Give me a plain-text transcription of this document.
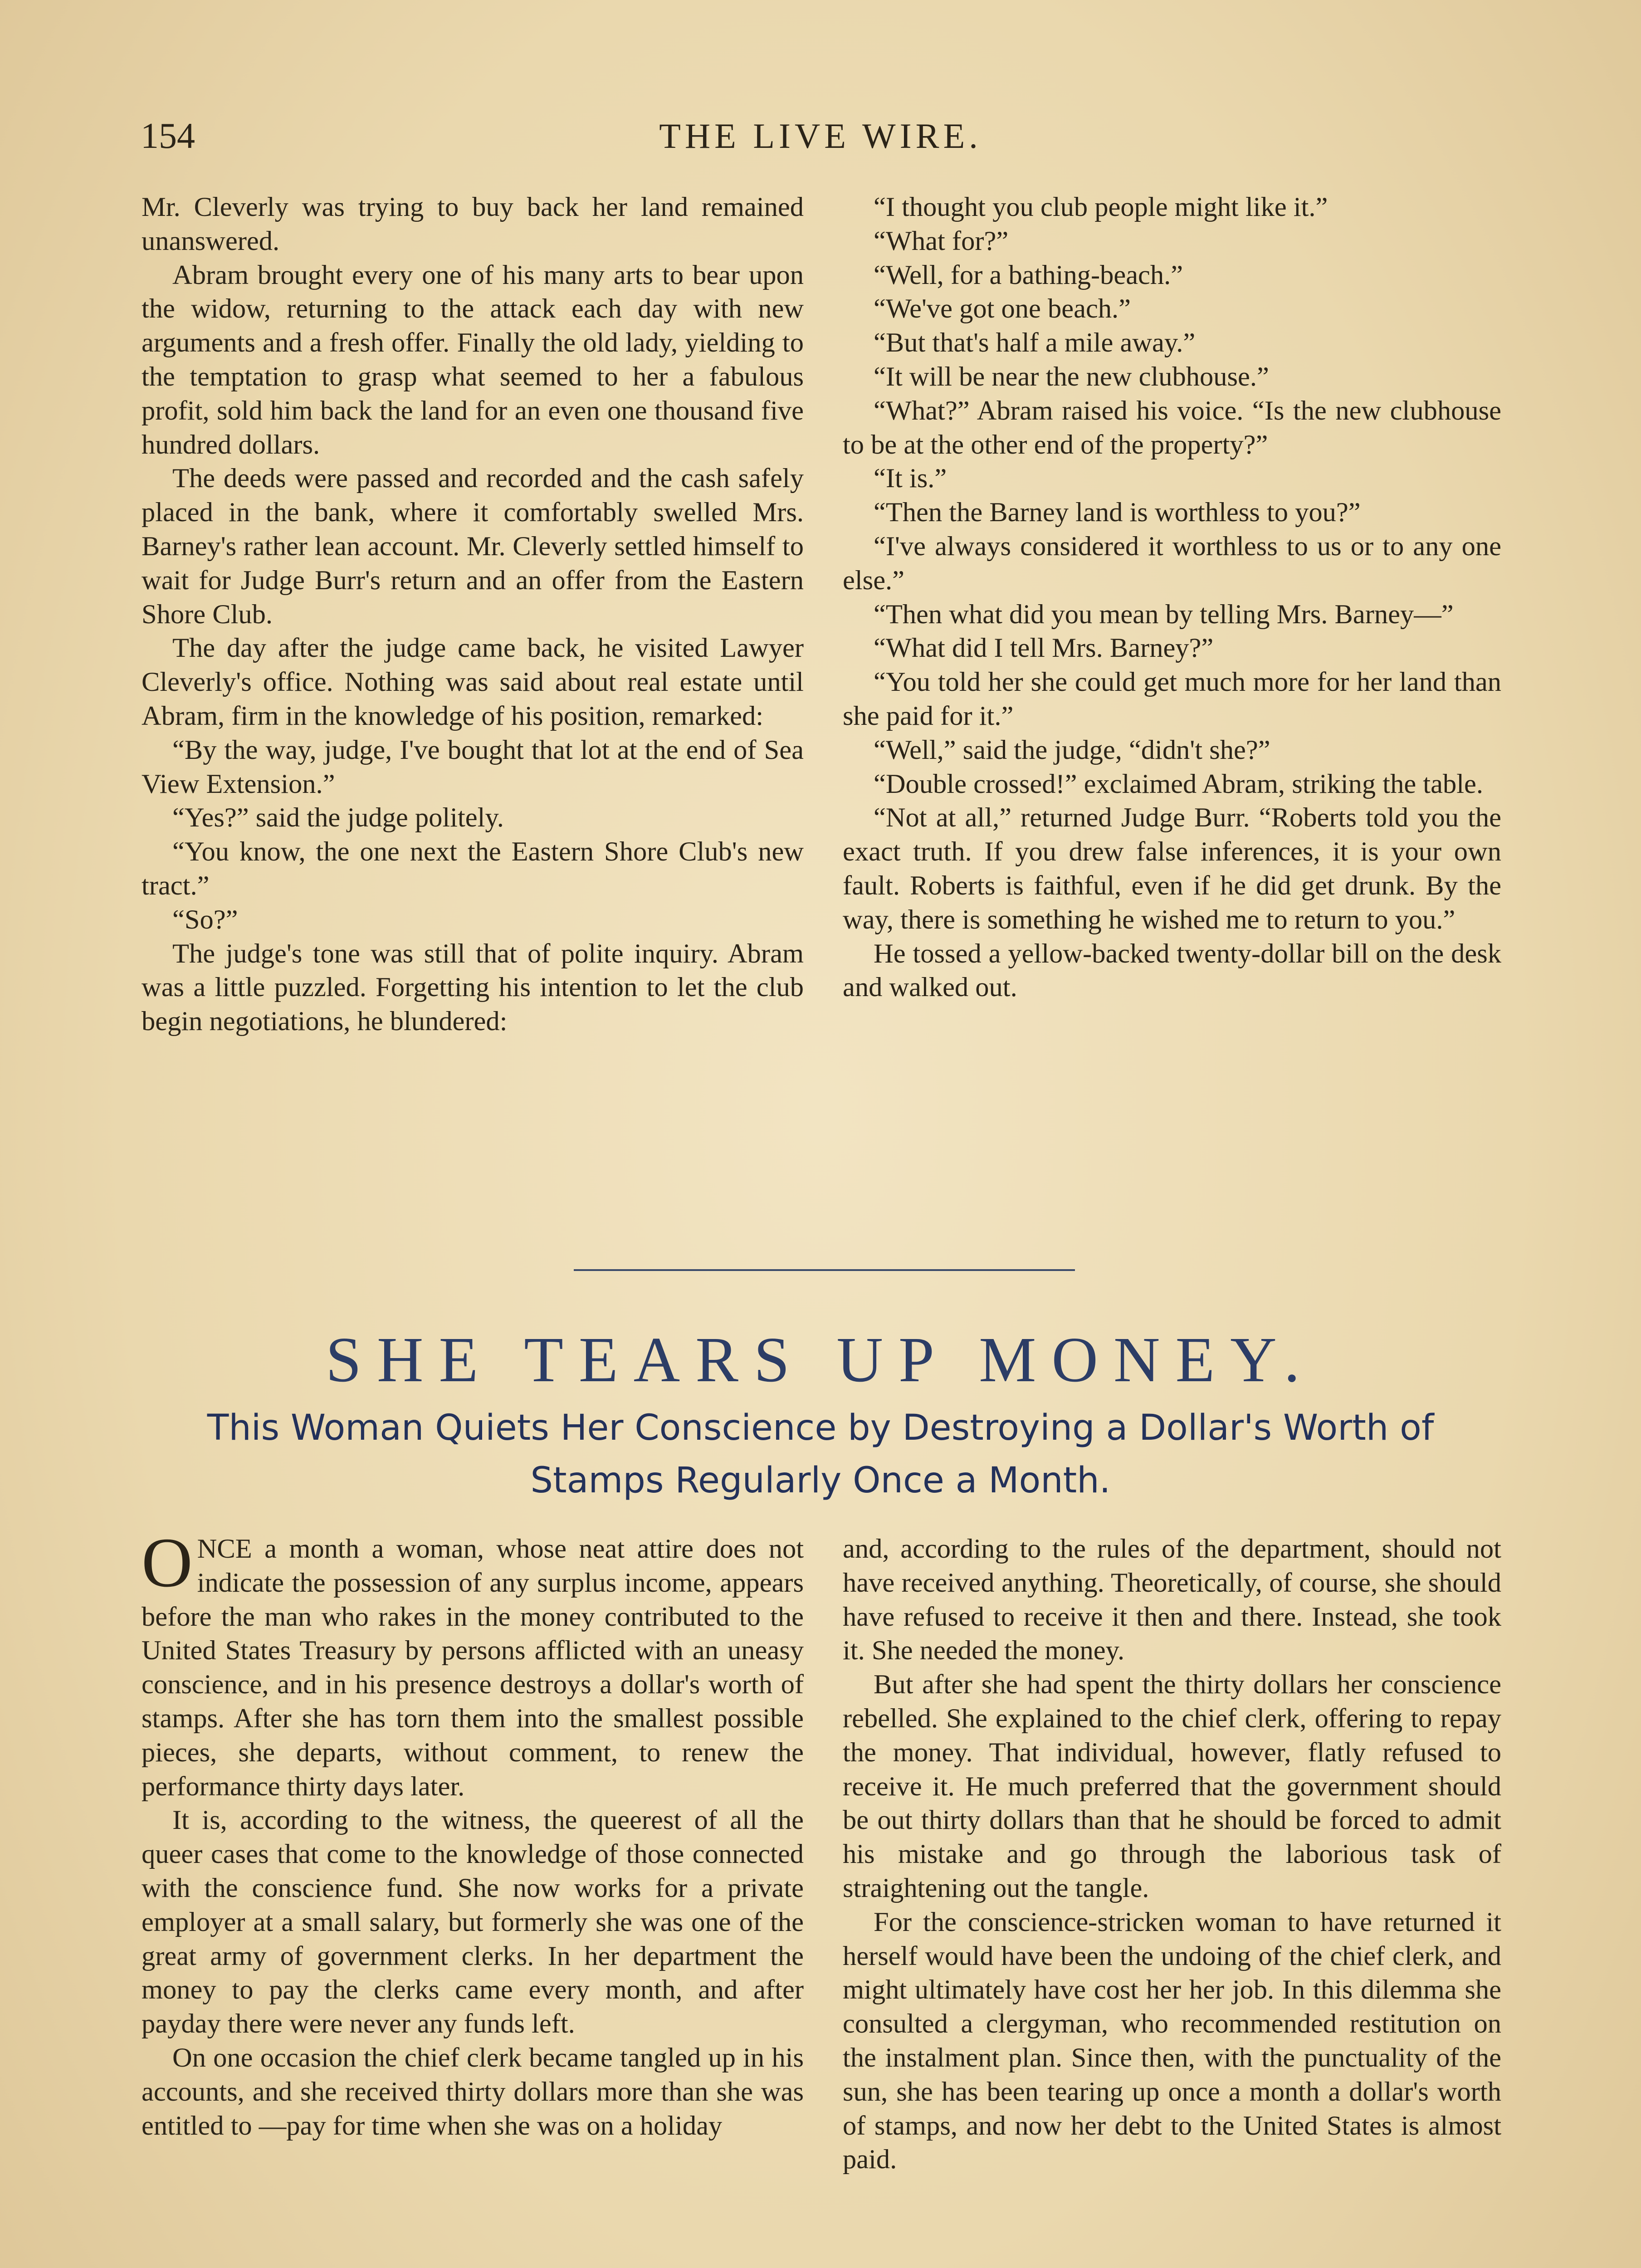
THE LIVE WIRE.
154

Mr. Cleverly was trying to buy back her land remained unanswered.

Abram brought every one of his many arts to bear upon the widow, returning to the attack each day with new arguments and a fresh offer. Finally the old lady, yielding to the temptation to grasp what seemed to her a fabulous profit, sold him back the land for an even one thousand five hundred dollars.

The deeds were passed and recorded and the cash safely placed in the bank, where it comfortably swelled Mrs. Barney's rather lean account. Mr. Cleverly settled himself to wait for Judge Burr's return and an offer from the Eastern Shore Club.

The day after the judge came back, he visited Lawyer Cleverly's office. Nothing was said about real estate until Abram, firm in the knowledge of his position, remarked:

“By the way, judge, I've bought that lot at the end of Sea View Extension.”

“Yes?” said the judge politely.

“You know, the one next the Eastern Shore Club's new tract.”

“So?”

The judge's tone was still that of polite inquiry. Abram was a little puzzled. Forgetting his intention to let the club begin negotiations, he blundered:

“I thought you club people might like it.”

“What for?”

“Well, for a bathing-beach.”

“We've got one beach.”

“But that's half a mile away.”

“It will be near the new clubhouse.”

“What?” Abram raised his voice. “Is the new clubhouse to be at the other end of the property?”

“It is.”

“Then the Barney land is worthless to you?”

“I've always considered it worthless to us or to any one else.”

“Then what did you mean by telling Mrs. Barney—”

“What did I tell Mrs. Barney?”

“You told her she could get much more for her land than she paid for it.”

“Well,” said the judge, “didn't she?”

“Double crossed!” exclaimed Abram, striking the table.

“Not at all,” returned Judge Burr. “Roberts told you the exact truth. If you drew false inferences, it is your own fault. Roberts is faithful, even if he did get drunk. By the way, there is something he wished me to return to you.”

He tossed a yellow-backed twenty-dollar bill on the desk and walked out.

SHE TEARS UP MONEY.
This Woman Quiets Her Conscience by Destroying a Dollar's Worth of Stamps Regularly Once a Month.

ONCE a month a woman, whose neat attire does not indicate the possession of any surplus income, appears before the man who rakes in the money contributed to the United States Treasury by persons afflicted with an uneasy conscience, and in his presence destroys a dollar's worth of stamps. After she has torn them into the smallest possible pieces, she departs, without comment, to renew the performance thirty days later.

It is, according to the witness, the queerest of all the queer cases that come to the knowledge of those connected with the conscience fund. She now works for a private employer at a small salary, but formerly she was one of the great army of government clerks. In her department the money to pay the clerks came every month, and after payday there were never any funds left.

On one occasion the chief clerk became tangled up in his accounts, and she received thirty dollars more than she was entitled to —pay for time when she was on a holiday

and, according to the rules of the department, should not have received anything. Theoretically, of course, she should have refused to receive it then and there. Instead, she took it. She needed the money.

But after she had spent the thirty dollars her conscience rebelled. She explained to the chief clerk, offering to repay the money. That individual, however, flatly refused to receive it. He much preferred that the government should be out thirty dollars than that he should be forced to admit his mistake and go through the laborious task of straightening out the tangle.

For the conscience-stricken woman to have returned it herself would have been the undoing of the chief clerk, and might ultimately have cost her her job. In this dilemma she consulted a clergyman, who recommended restitution on the instalment plan. Since then, with the punctuality of the sun, she has been tearing up once a month a dollar's worth of stamps, and now her debt to the United States is almost paid.
